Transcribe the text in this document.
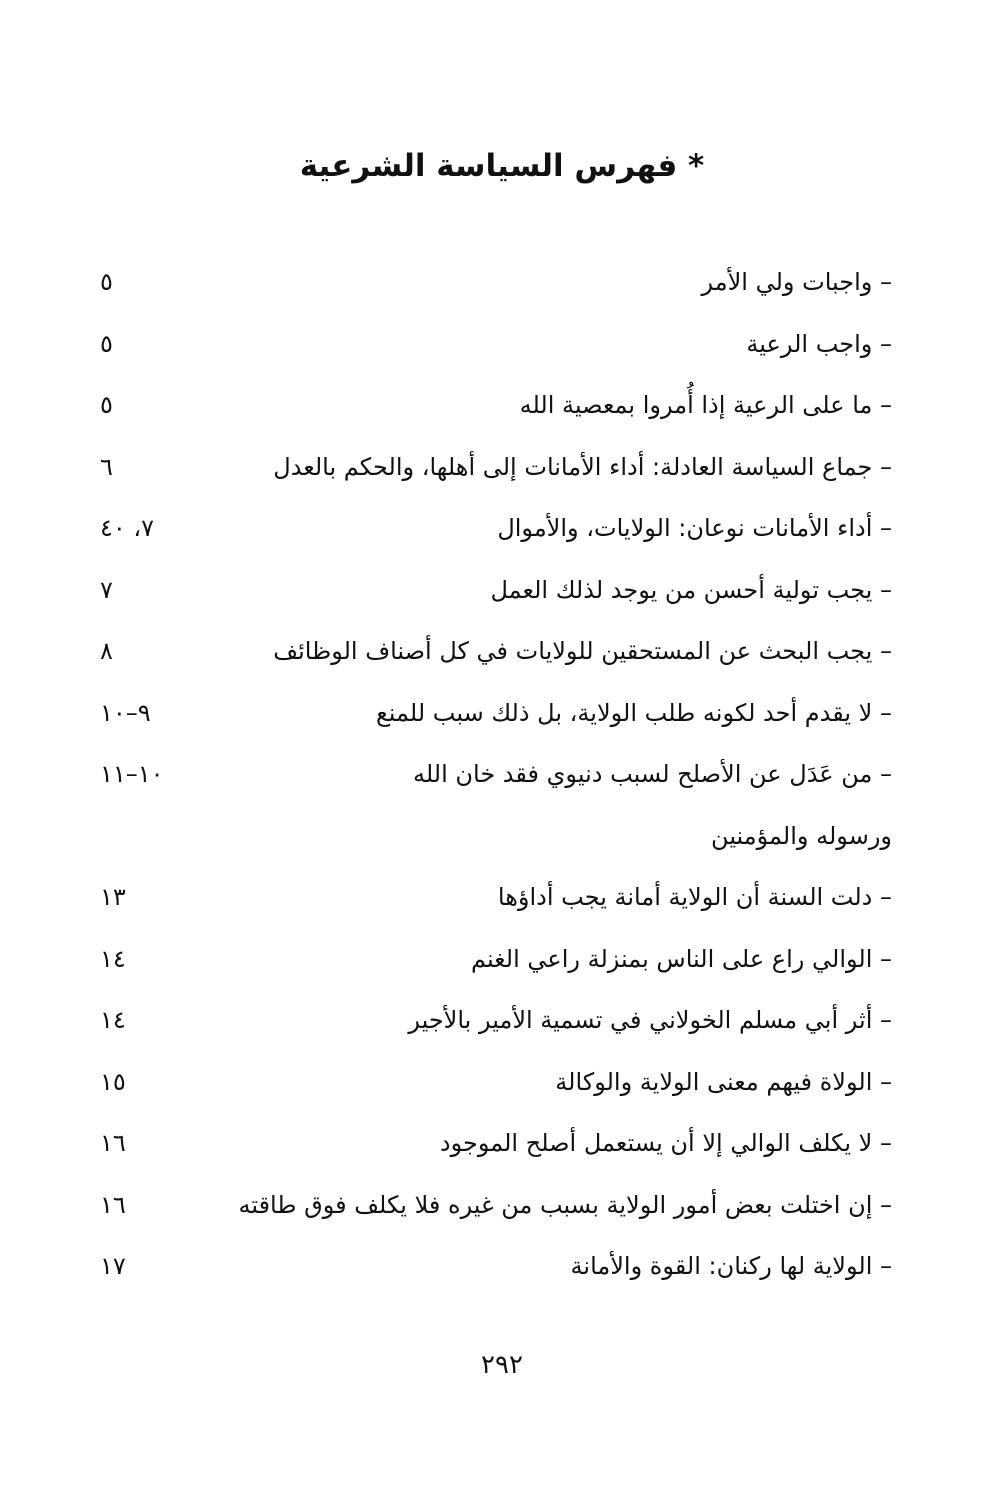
* فهرس السياسة الشرعية
– واجبات ولي الأمر
٥
– واجب الرعية
٥
– ما على الرعية إذا أُمروا بمعصية الله
٥
– جماع السياسة العادلة: أداء الأمانات إلى أهلها، والحكم بالعدل
٦
– أداء الأمانات نوعان: الولايات، والأموال
٧، ٤٠
– يجب تولية أحسن من يوجد لذلك العمل
٧
– يجب البحث عن المستحقين للولايات في كل أصناف الوظائف
٨
– لا يقدم أحد لكونه طلب الولاية، بل ذلك سبب للمنع
٩–١٠
– من عَدَل عن الأصلح لسبب دنيوي فقد خان الله
١٠–١١
ورسوله والمؤمنين
– دلت السنة أن الولاية أمانة يجب أداؤها
١٣
– الوالي راع على الناس بمنزلة راعي الغنم
١٤
– أثر أبي مسلم الخولاني في تسمية الأمير بالأجير
١٤
– الولاة فيهم معنى الولاية والوكالة
١٥
– لا يكلف الوالي إلا أن يستعمل أصلح الموجود
١٦
– إن اختلت بعض أمور الولاية بسبب من غيره فلا يكلف فوق طاقته
١٦
– الولاية لها ركنان: القوة والأمانة
١٧
٢٩٢
